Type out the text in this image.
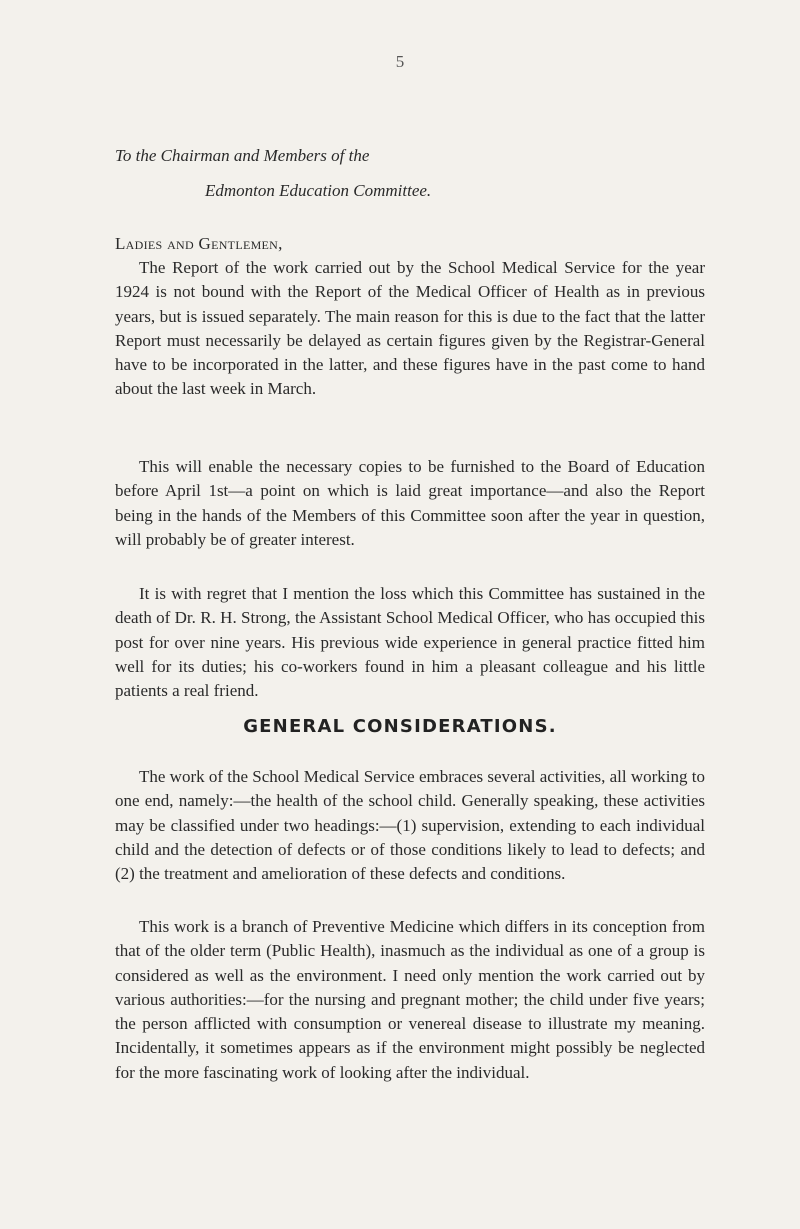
5
To the Chairman and Members of the
Edmonton Education Committee.
Ladies and Gentlemen,

The Report of the work carried out by the School Medical Service for the year 1924 is not bound with the Report of the Medical Officer of Health as in previous years, but is issued separately. The main reason for this is due to the fact that the latter Report must necessarily be delayed as certain figures given by the Registrar-General have to be incorporated in the latter, and these figures have in the past come to hand about the last week in March.

This will enable the necessary copies to be furnished to the Board of Education before April 1st—a point on which is laid great importance—and also the Report being in the hands of the Members of this Committee soon after the year in question, will probably be of greater interest.

It is with regret that I mention the loss which this Committee has sustained in the death of Dr. R. H. Strong, the Assistant School Medical Officer, who has occupied this post for over nine years. His previous wide experience in general practice fitted him well for its duties; his co-workers found in him a pleasant colleague and his little patients a real friend.

GENERAL CONSIDERATIONS.

The work of the School Medical Service embraces several activities, all working to one end, namely:—the health of the school child. Generally speaking, these activities may be classified under two headings:—(1) supervision, extending to each individual child and the detection of defects or of those conditions likely to lead to defects; and (2) the treatment and amelioration of these defects and conditions.

This work is a branch of Preventive Medicine which differs in its conception from that of the older term (Public Health), inasmuch as the individual as one of a group is considered as well as the environment. I need only mention the work carried out by various authorities:—for the nursing and pregnant mother; the child under five years; the person afflicted with consumption or venereal disease to illustrate my meaning. Incidentally, it sometimes appears as if the environment might possibly be neglected for the more fascinating work of looking after the individual.
